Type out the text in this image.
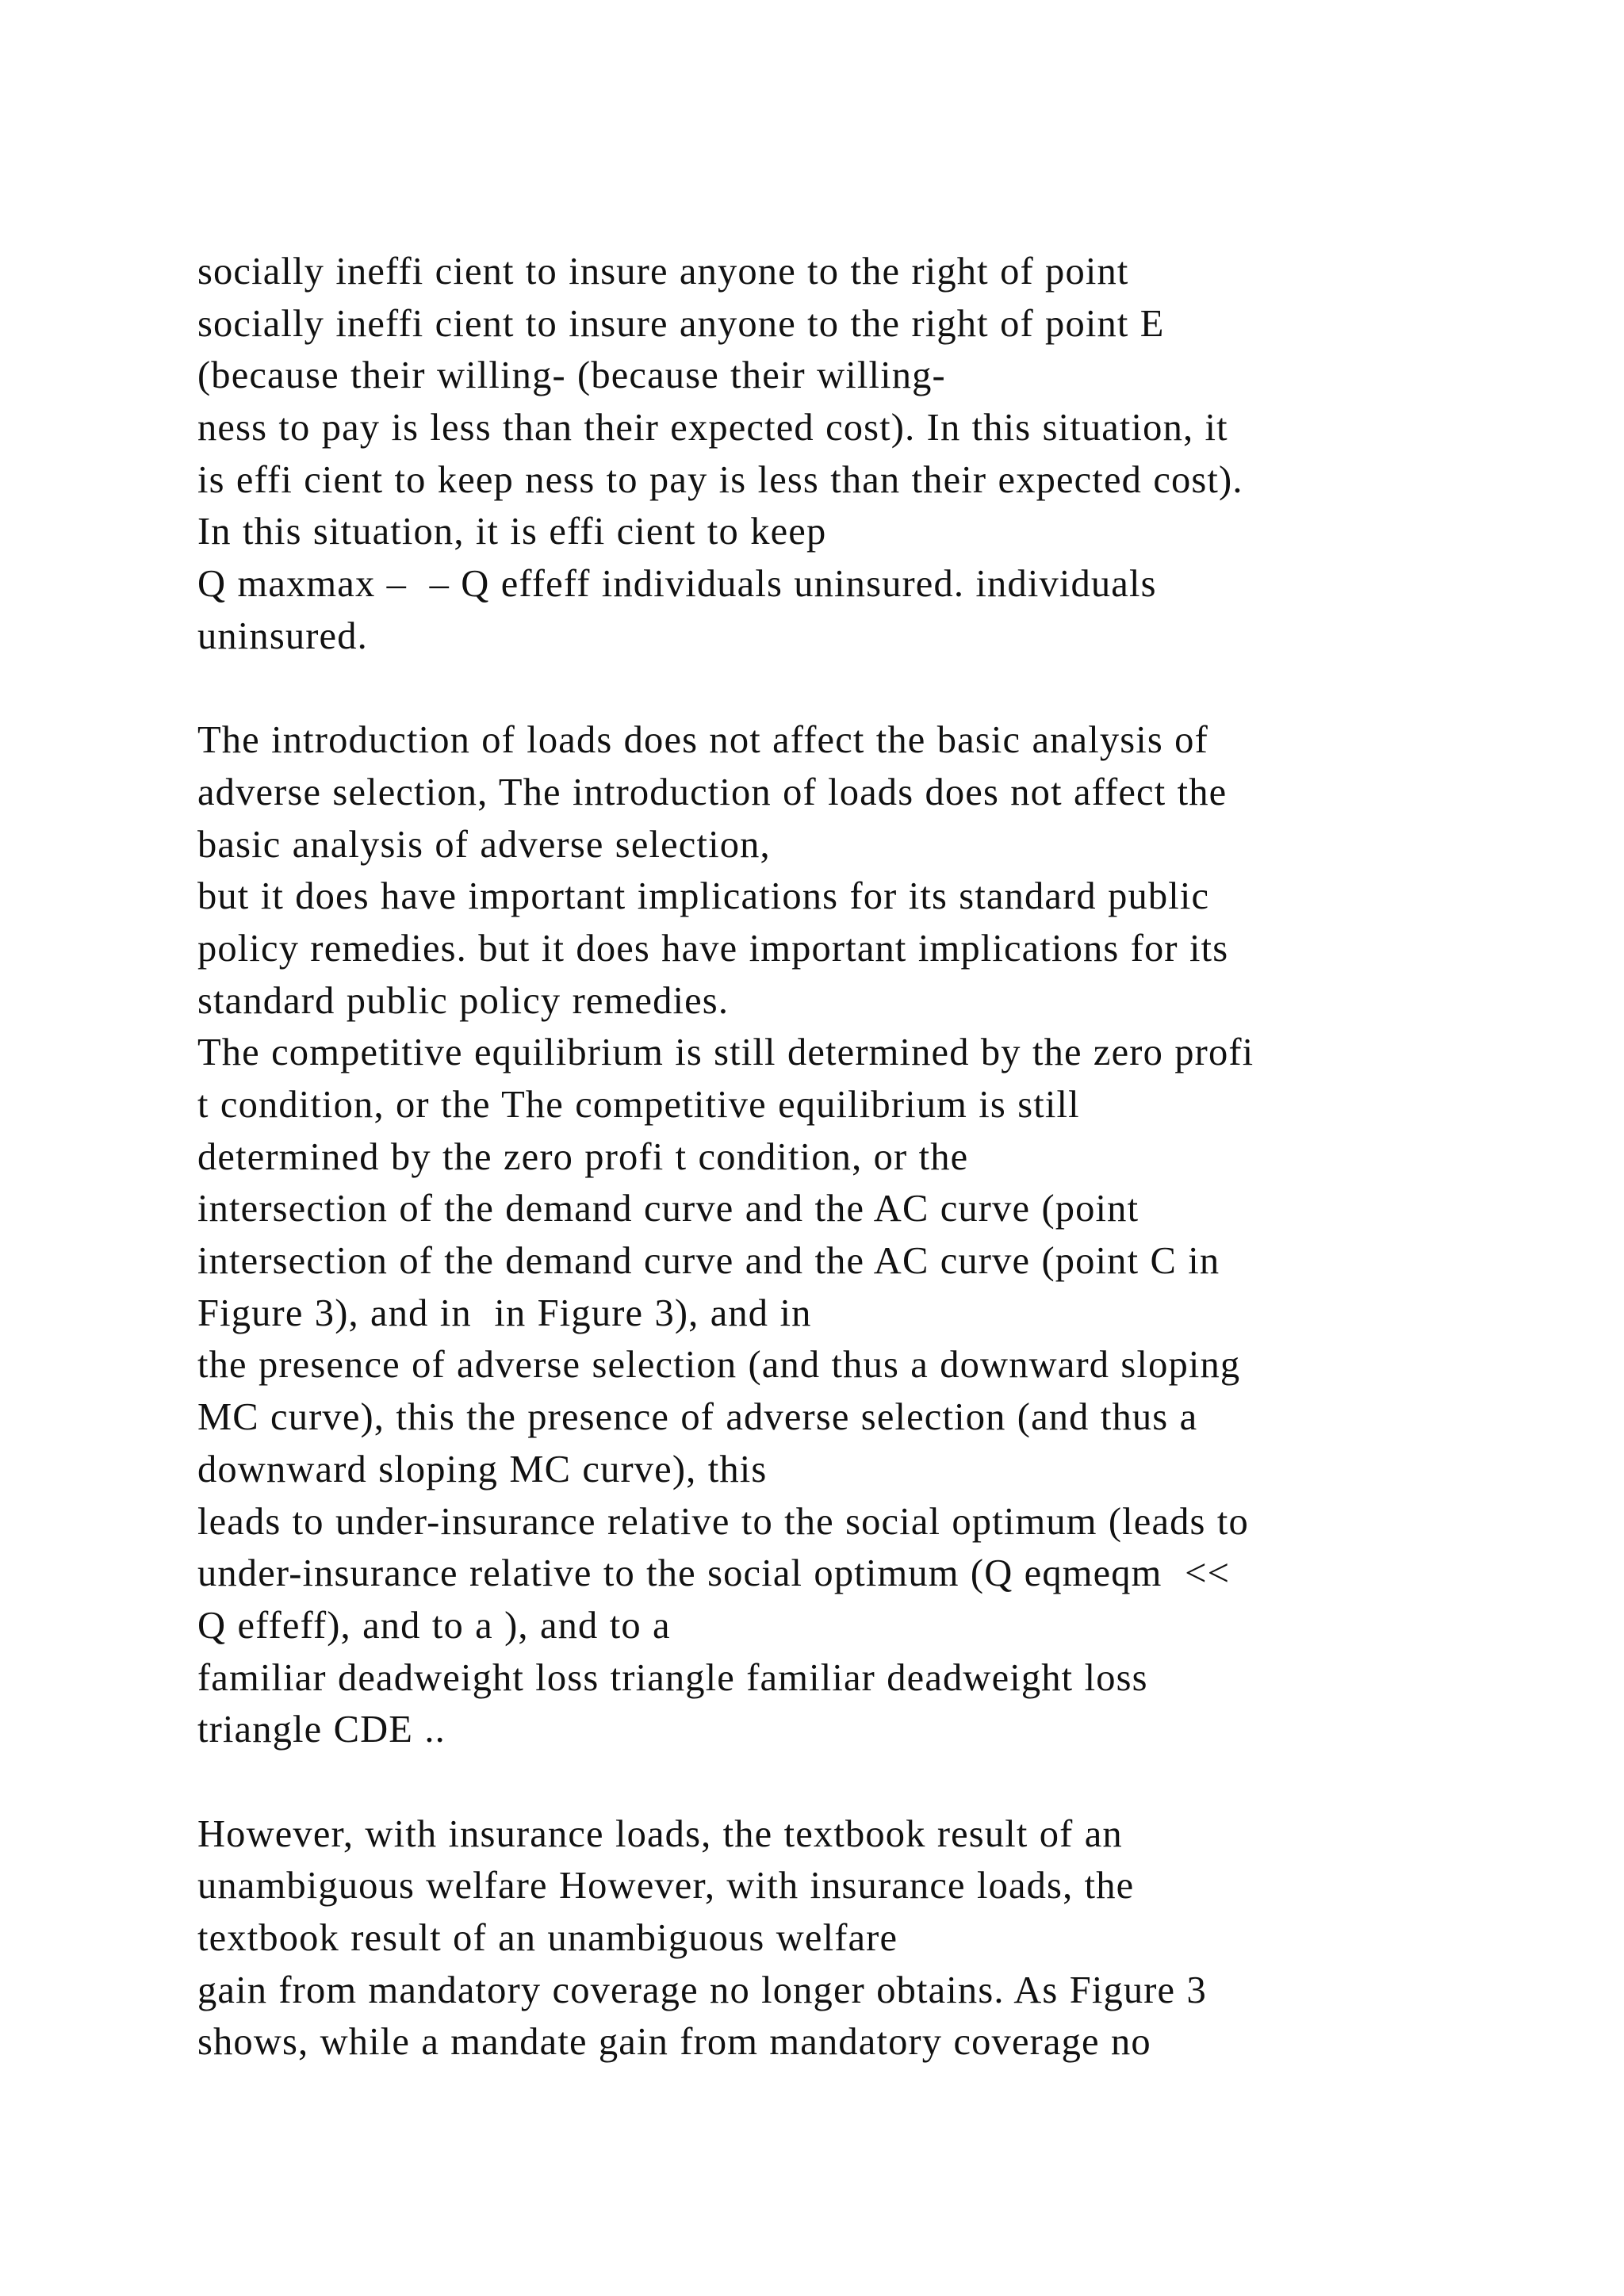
socially ineffi cient to insure anyone to the right of point
socially ineffi cient to insure anyone to the right of point E
(because their willing- (because their willing-
ness to pay is less than their expected cost). In this situation, it
is effi cient to keep ness to pay is less than their expected cost).
In this situation, it is effi cient to keep
Q maxmax –  – Q effeff individuals uninsured. individuals
uninsured.
The introduction of loads does not affect the basic analysis of
adverse selection, The introduction of loads does not affect the
basic analysis of adverse selection,
but it does have important implications for its standard public
policy remedies. but it does have important implications for its
standard public policy remedies.
The competitive equilibrium is still determined by the zero profi
t condition, or the The competitive equilibrium is still
determined by the zero profi t condition, or the
intersection of the demand curve and the AC curve (point
intersection of the demand curve and the AC curve (point C in
Figure 3), and in  in Figure 3), and in
the presence of adverse selection (and thus a downward sloping
MC curve), this the presence of adverse selection (and thus a
downward sloping MC curve), this
leads to under-insurance relative to the social optimum (leads to
under-insurance relative to the social optimum (Q eqmeqm  <<
Q effeff), and to a ), and to a
familiar deadweight loss triangle familiar deadweight loss
triangle CDE ..
However, with insurance loads, the textbook result of an
unambiguous welfare However, with insurance loads, the
textbook result of an unambiguous welfare
gain from mandatory coverage no longer obtains. As Figure 3
shows, while a mandate gain from mandatory coverage no
